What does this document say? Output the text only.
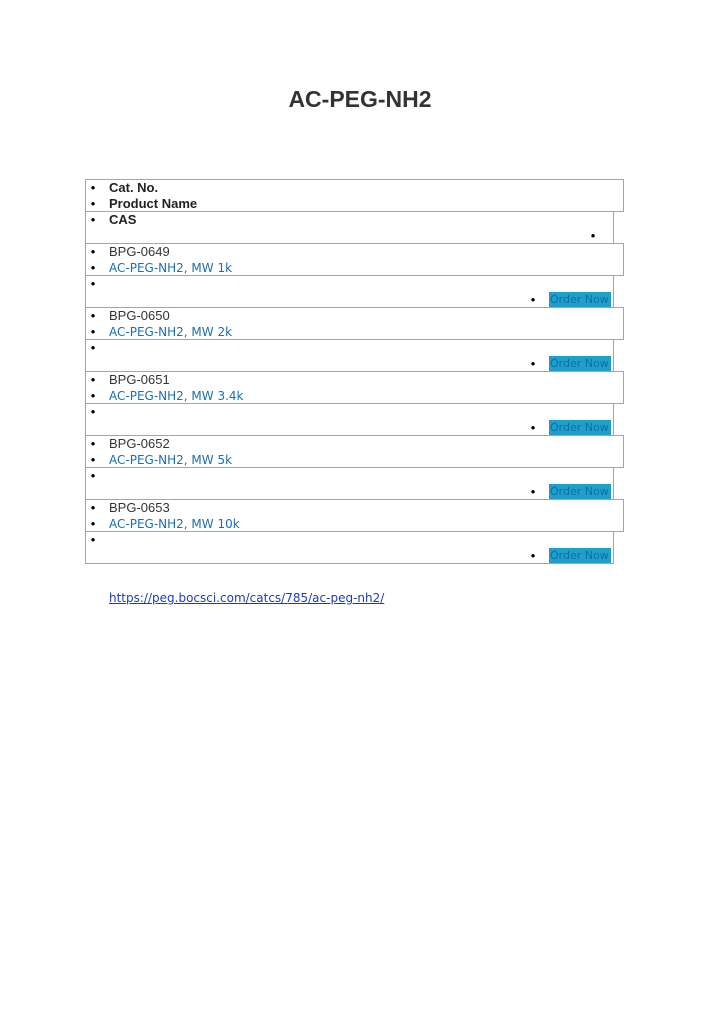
AC-PEG-NH2
• Cat. No.
• Product Name
• CAS
•
• BPG-0649
• AC-PEG-NH2, MW 1k
•
• Order Now
• BPG-0650
• AC-PEG-NH2, MW 2k
•
• Order Now
• BPG-0651
• AC-PEG-NH2, MW 3.4k
•
• Order Now
• BPG-0652
• AC-PEG-NH2, MW 5k
•
• Order Now
• BPG-0653
• AC-PEG-NH2, MW 10k
•
• Order Now
https://peg.bocsci.com/catcs/785/ac-peg-nh2/
